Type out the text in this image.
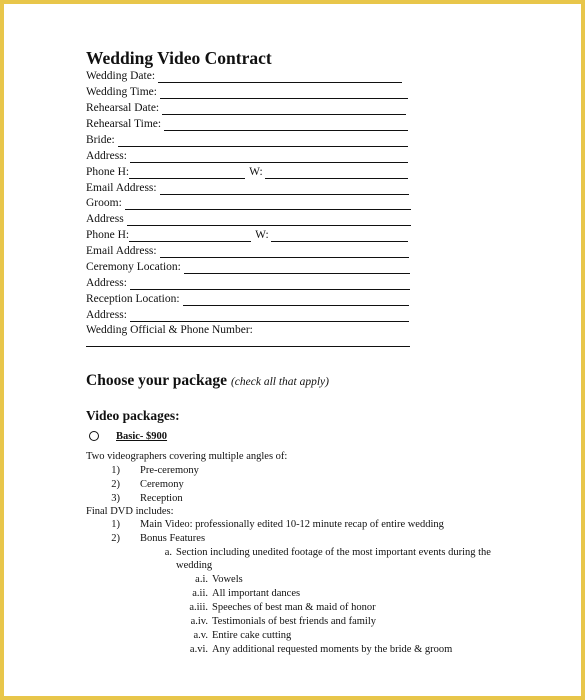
Wedding Video Contract
Wedding Date:
Wedding Time:
Rehearsal Date:
Rehearsal Time:
Bride:
Address:
Phone H:	W:
Email Address:
Groom:
Address
Phone H:	W:
Email Address:
Ceremony Location:
Address:
Reception Location:
Address:
Wedding Official & Phone Number:
Choose your package (check all that apply)
Video packages:
Basic- $900
Two videographers covering multiple angles of:
1) Pre-ceremony
2) Ceremony
3) Reception
Final DVD includes:
1) Main Video: professionally edited 10-12 minute recap of entire wedding
2) Bonus Features
a. Section including unedited footage of the most important events during the
wedding
a.i. Vowels
a.ii. All important dances
a.iii. Speeches of best man & maid of honor
a.iv. Testimonials of best friends and family
a.v. Entire cake cutting
a.vi. Any additional requested moments by the bride & groom
